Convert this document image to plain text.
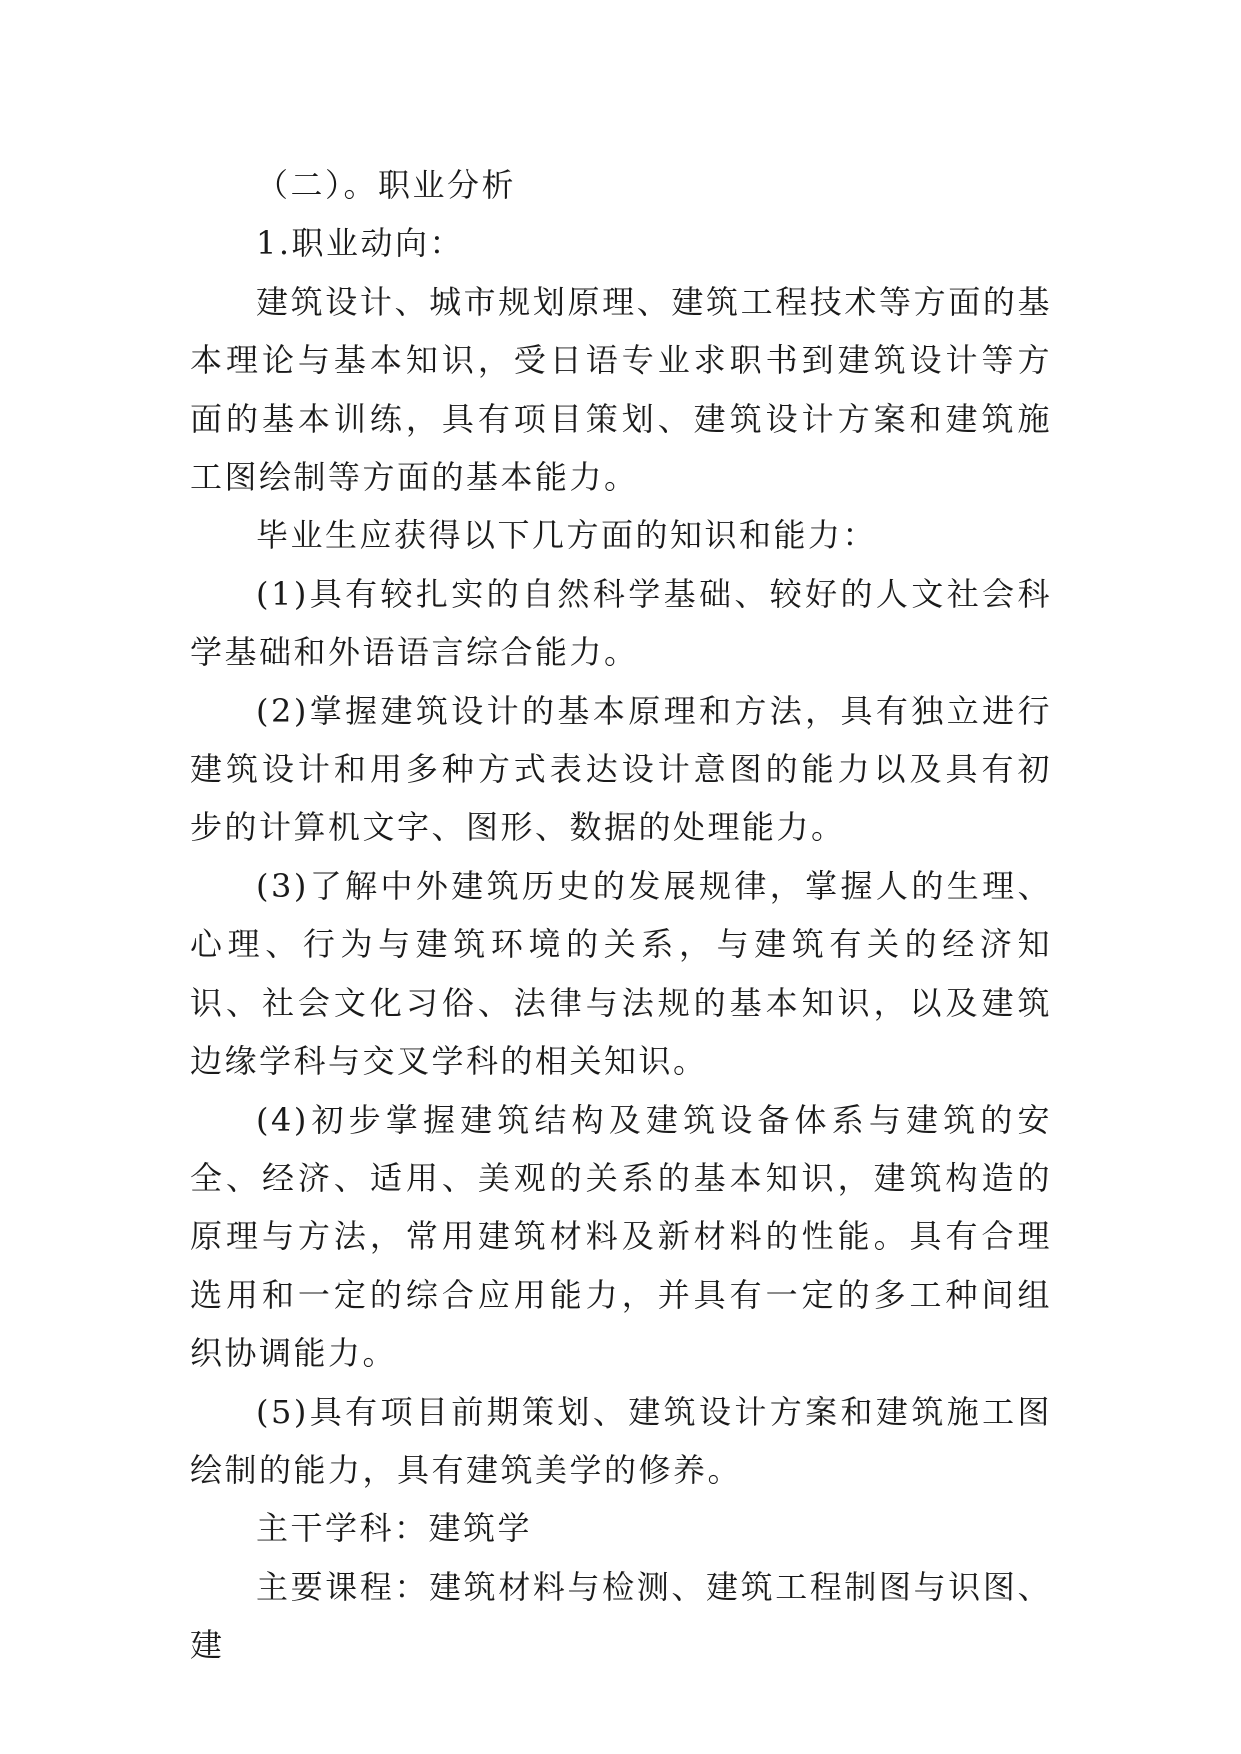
（二）。职业分析

1.职业动向：

建筑设计、城市规划原理、建筑工程技术等方面的基本理论与基本知识，受日语专业求职书到建筑设计等方面的基本训练，具有项目策划、建筑设计方案和建筑施工图绘制等方面的基本能力。

毕业生应获得以下几方面的知识和能力：

(1)具有较扎实的自然科学基础、较好的人文社会科学基础和外语语言综合能力。

(2)掌握建筑设计的基本原理和方法，具有独立进行建筑设计和用多种方式表达设计意图的能力以及具有初步的计算机文字、图形、数据的处理能力。

(3)了解中外建筑历史的发展规律，掌握人的生理、心理、行为与建筑环境的关系，与建筑有关的经济知识、社会文化习俗、法律与法规的基本知识，以及建筑边缘学科与交叉学科的相关知识。

(4)初步掌握建筑结构及建筑设备体系与建筑的安全、经济、适用、美观的关系的基本知识，建筑构造的原理与方法，常用建筑材料及新材料的性能。具有合理选用和一定的综合应用能力，并具有一定的多工种间组织协调能力。

(5)具有项目前期策划、建筑设计方案和建筑施工图绘制的能力，具有建筑美学的修养。

主干学科：建筑学

主要课程：建筑材料与检测、建筑工程制图与识图、建
